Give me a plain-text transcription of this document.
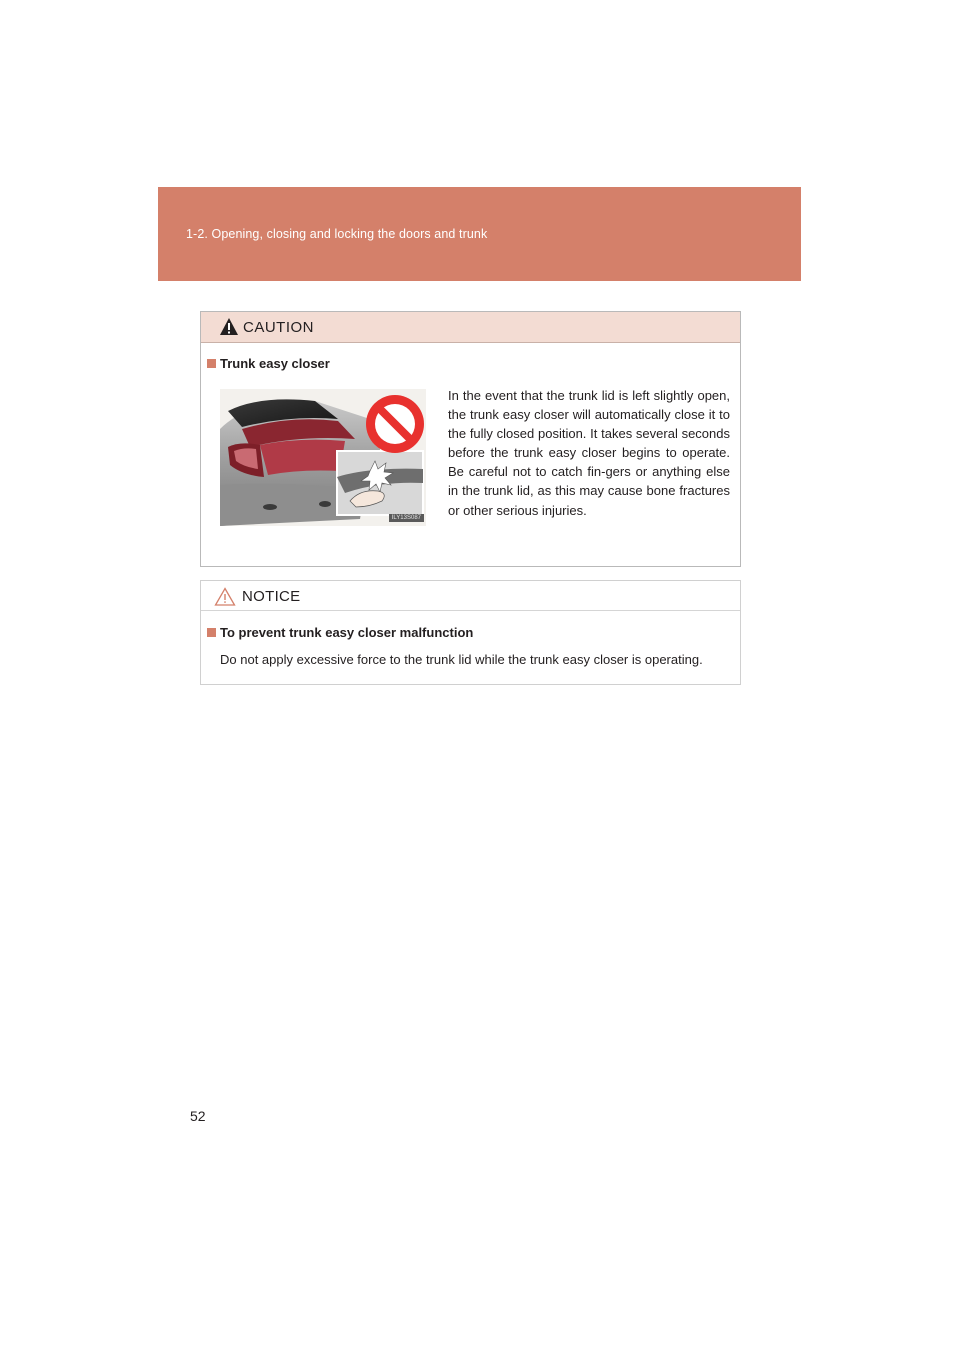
1-2. Opening, closing and locking the doors and trunk
CAUTION
Trunk easy closer
ILY13S087
In the event that the trunk lid is left slightly open, the trunk easy closer will automatically close it to the fully closed position. It takes several seconds before the trunk easy closer begins to operate. Be careful not to catch fin-gers or anything else in the trunk lid, as this may cause bone fractures or other serious injuries.
NOTICE
To prevent trunk easy closer malfunction
Do not apply excessive force to the trunk lid while the trunk easy closer is operating.
52
